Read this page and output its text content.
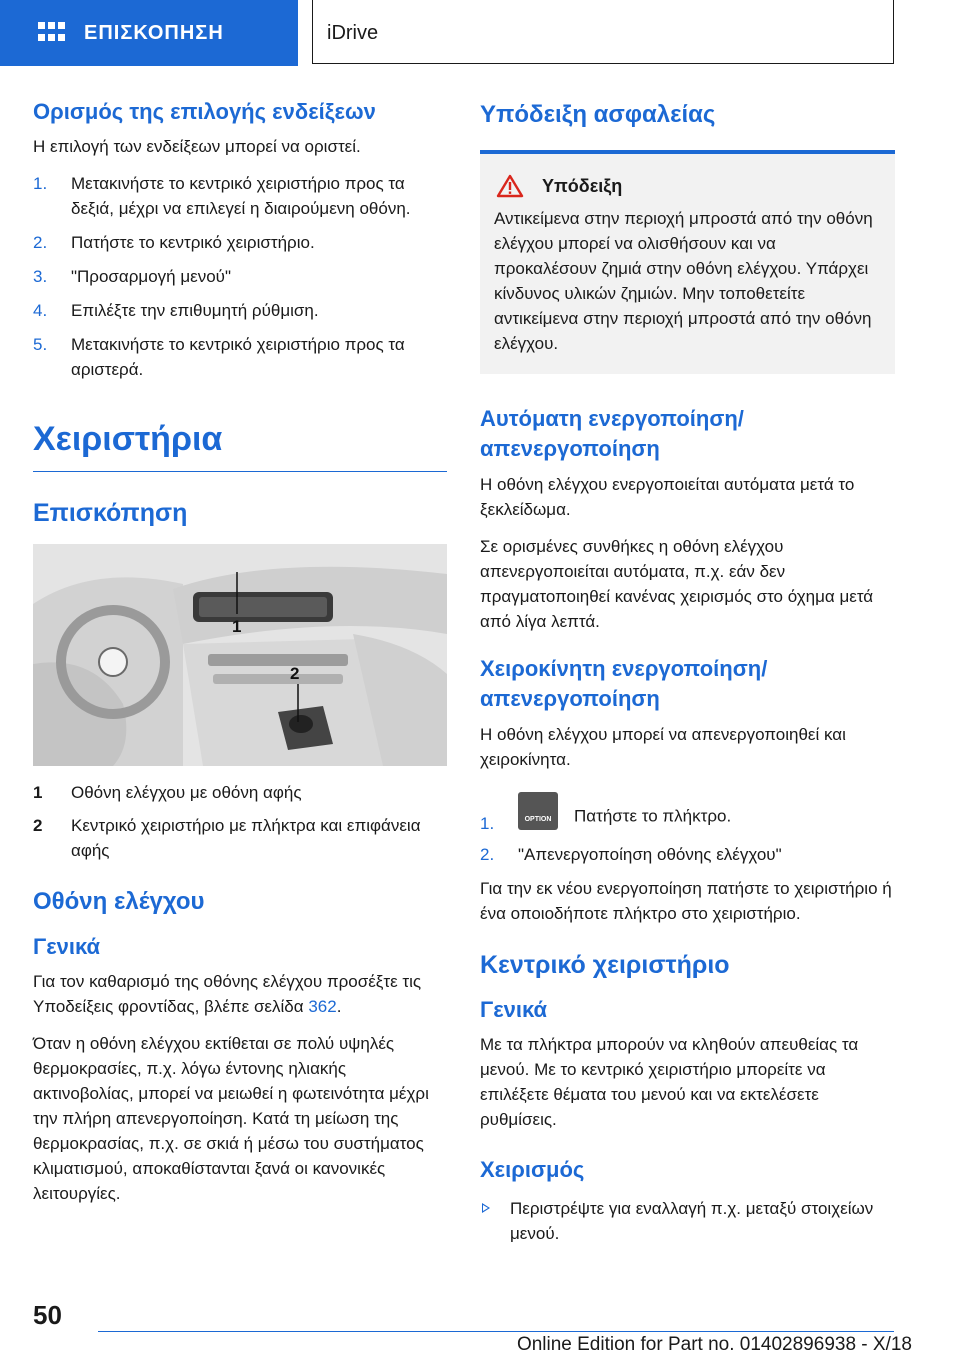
ΕΠΙΣΚΟΠΗΣΗ	iDrive
Ορισμός της επιλογής ενδείξεων

Η επιλογή των ενδείξεων μπορεί να οριστεί.

1. Μετακινήστε το κεντρικό χειριστήριο προς τα δεξιά, μέχρι να επιλεγεί η διαιρούμενη οθόνη.
2. Πατήστε το κεντρικό χειριστήριο.
3. "Προσαρμογή μενού"
4. Επιλέξτε την επιθυμητή ρύθμιση.
5. Μετακινήστε το κεντρικό χειριστήριο προς τα αριστερά.
Χειριστήρια
Επισκόπηση
1
2
1 Οθόνη ελέγχου με οθόνη αφής
2 Κεντρικό χειριστήριο με πλήκτρα και επιφάνεια αφής
Οθόνη ελέγχου
Γενικά

Για τον καθαρισμό της οθόνης ελέγχου προσέξτε τις Υποδείξεις φροντίδας, βλέπε σελίδα 362.

Όταν η οθόνη ελέγχου εκτίθεται σε πολύ υψηλές θερμοκρασίες, π.χ. λόγω έντονης ηλιακής ακτινοβολίας, μπορεί να μειωθεί η φωτεινότητα μέχρι την πλήρη απενεργοποίηση. Κατά τη μείωση της θερμοκρασίας, π.χ. σε σκιά ή μέσω του συστήματος κλιματισμού, αποκαθίστανται ξανά οι κανονικές λειτουργίες.

Υπόδειξη ασφαλείας
Υπόδειξη

Αντικείμενα στην περιοχή μπροστά από την οθόνη ελέγχου μπορεί να ολισθήσουν και να προκαλέσουν ζημιά στην οθόνη ελέγχου. Υπάρχει κίνδυνος υλικών ζημιών. Μην τοποθετείτε αντικείμενα στην περιοχή μπροστά από την οθόνη ελέγχου.

Αυτόματη ενεργοποίηση/απενεργοποίηση

Η οθόνη ελέγχου ενεργοποιείται αυτόματα μετά το ξεκλείδωμα.

Σε ορισμένες συνθήκες η οθόνη ελέγχου απενεργοποιείται αυτόματα, π.χ. εάν δεν πραγματοποιηθεί κανένας χειρισμός στο όχημα μετά από λίγα λεπτά.

Χειροκίνητη ενεργοποίηση/απενεργοποίηση

Η οθόνη ελέγχου μπορεί να απενεργοποιηθεί και χειροκίνητα.

1.	OPTION	Πατήστε το πλήκτρο.
2. "Απενεργοποίηση οθόνης ελέγχου"

Για την εκ νέου ενεργοποίηση πατήστε το χειριστήριο ή ένα οποιοδήποτε πλήκτρο στο χειριστήριο.

Κεντρικό χειριστήριο
Γενικά

Με τα πλήκτρα μπορούν να κληθούν απευθείας τα μενού. Με το κεντρικό χειριστήριο μπορείτε να επιλέξετε θέματα του μενού και να εκτελέσετε ρυθμίσεις.

Χειρισμός
Περιστρέψτε για εναλλαγή π.χ. μεταξύ στοιχείων μενού.
50
Online Edition for Part no. 01402896938 - X/18
